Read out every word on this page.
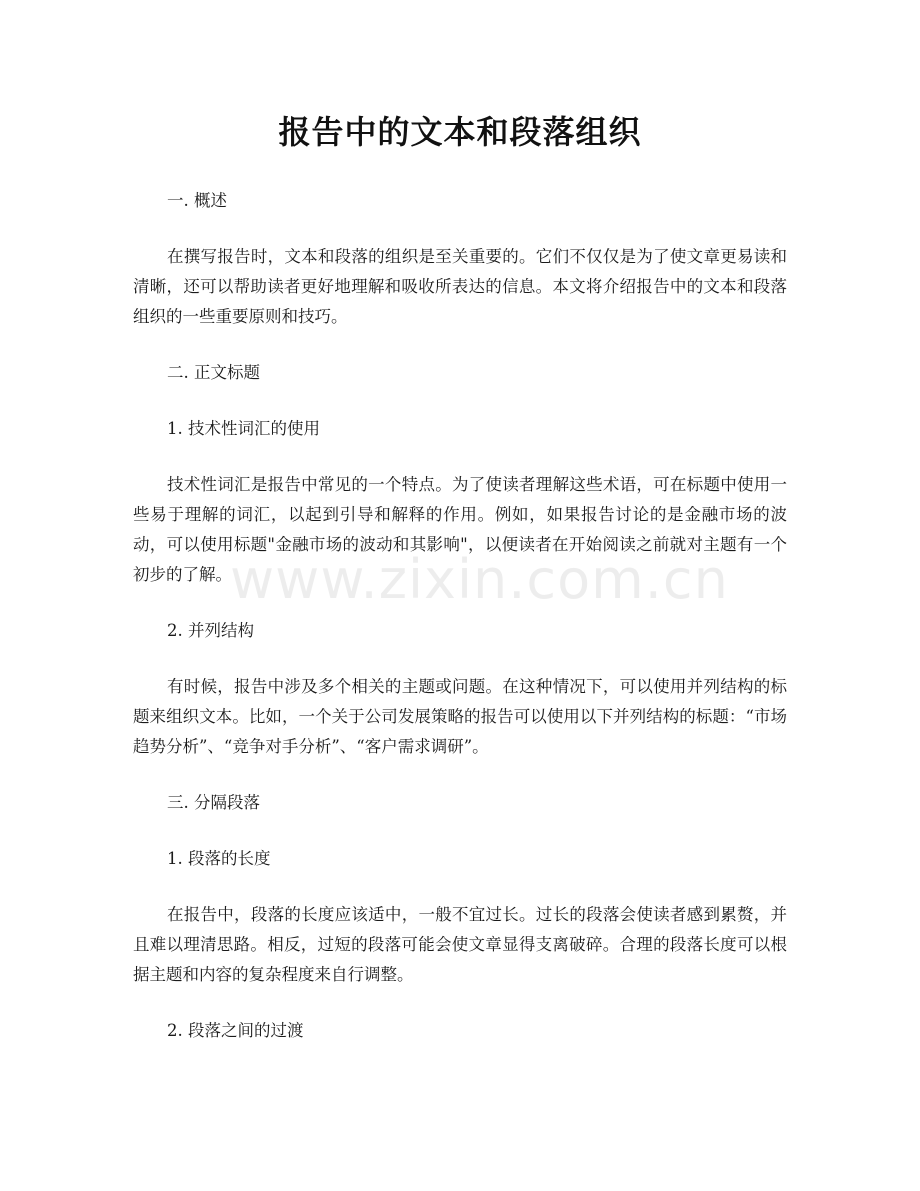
报告中的文本和段落组织
一. 概述
在撰写报告时，文本和段落的组织是至关重要的。它们不仅仅是为了使文章更易读和清晰，还可以帮助读者更好地理解和吸收所表达的信息。本文将介绍报告中的文本和段落组织的一些重要原则和技巧。
二. 正文标题
1. 技术性词汇的使用
技术性词汇是报告中常见的一个特点。为了使读者理解这些术语，可在标题中使用一些易于理解的词汇，以起到引导和解释的作用。例如，如果报告讨论的是金融市场的波动，可以使用标题"金融市场的波动和其影响"，以便读者在开始阅读之前就对主题有一个初步的了解。
2. 并列结构
有时候，报告中涉及多个相关的主题或问题。在这种情况下，可以使用并列结构的标题来组织文本。比如，一个关于公司发展策略的报告可以使用以下并列结构的标题：“市场趋势分析”、“竞争对手分析”、“客户需求调研”。
三. 分隔段落
1. 段落的长度
在报告中，段落的长度应该适中，一般不宜过长。过长的段落会使读者感到累赘，并且难以理清思路。相反，过短的段落可能会使文章显得支离破碎。合理的段落长度可以根据主题和内容的复杂程度来自行调整。
2. 段落之间的过渡
www.zixin.com.cn
